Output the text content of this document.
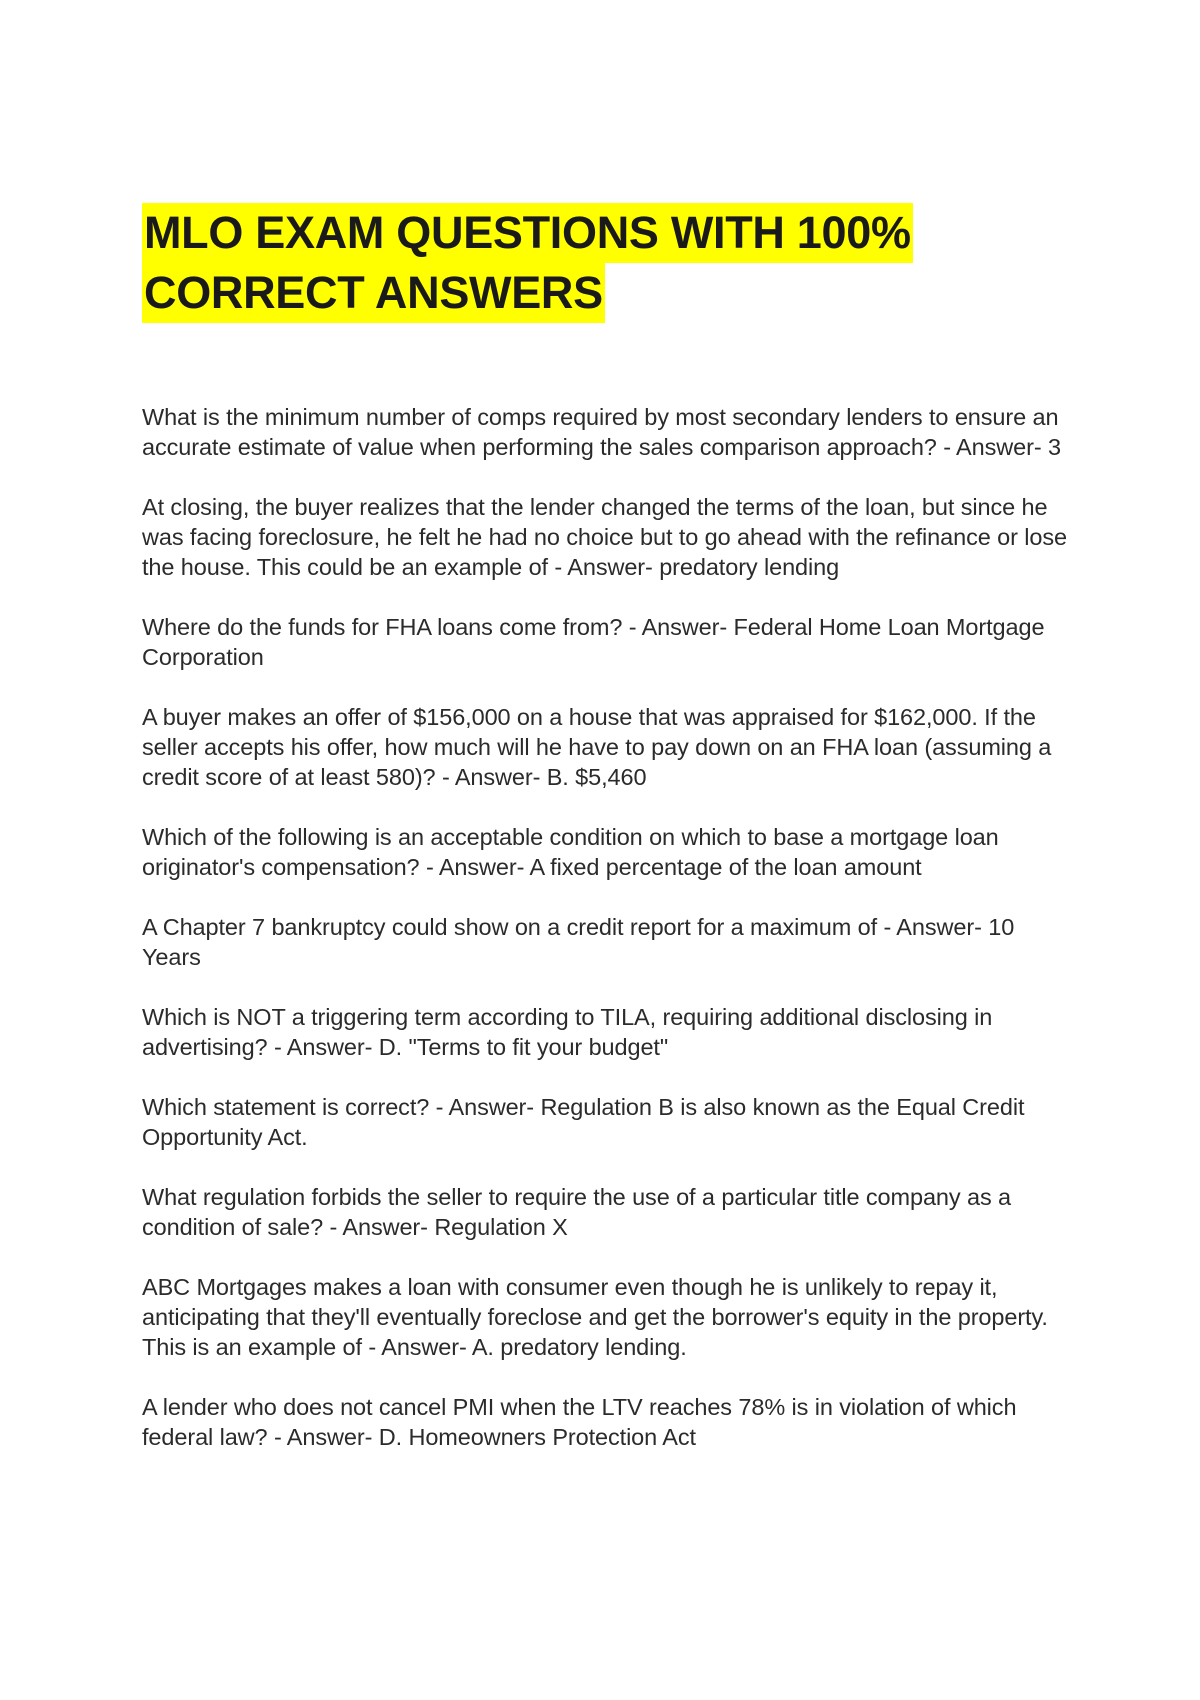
MLO EXAM QUESTIONS WITH 100%
CORRECT ANSWERS

What is the minimum number of comps required by most secondary lenders to ensure an accurate estimate of value when performing the sales comparison approach? - Answer- 3

At closing, the buyer realizes that the lender changed the terms of the loan, but since he was facing foreclosure, he felt he had no choice but to go ahead with the refinance or lose the house. This could be an example of - Answer- predatory lending

Where do the funds for FHA loans come from? - Answer- Federal Home Loan Mortgage Corporation

A buyer makes an offer of $156,000 on a house that was appraised for $162,000. If the seller accepts his offer, how much will he have to pay down on an FHA loan (assuming a credit score of at least 580)? - Answer- B. $5,460

Which of the following is an acceptable condition on which to base a mortgage loan originator's compensation? - Answer- A fixed percentage of the loan amount

A Chapter 7 bankruptcy could show on a credit report for a maximum of - Answer- 10 Years

Which is NOT a triggering term according to TILA, requiring additional disclosing in advertising? - Answer- D. "Terms to fit your budget"

Which statement is correct? - Answer- Regulation B is also known as the Equal Credit Opportunity Act.

What regulation forbids the seller to require the use of a particular title company as a condition of sale? - Answer- Regulation X

ABC Mortgages makes a loan with consumer even though he is unlikely to repay it, anticipating that they'll eventually foreclose and get the borrower's equity in the property. This is an example of - Answer- A. predatory lending.

A lender who does not cancel PMI when the LTV reaches 78% is in violation of which federal law? - Answer- D. Homeowners Protection Act
